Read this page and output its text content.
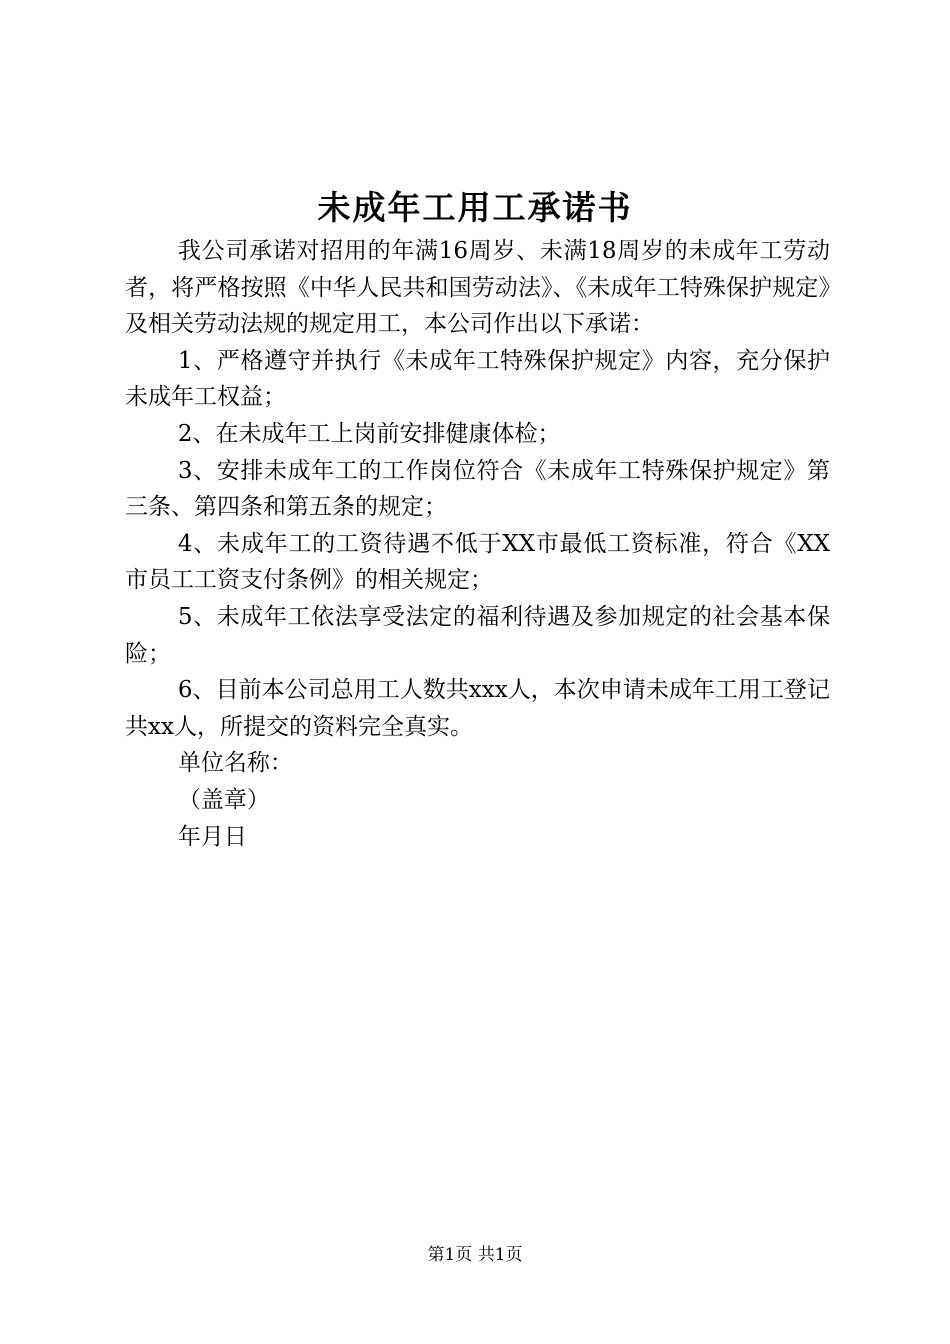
未成年工用工承诺书

我公司承诺对招用的年满16周岁、未满18周岁的未成年工劳动者，将严格按照《中华人民共和国劳动法》、《未成年工特殊保护规定》及相关劳动法规的规定用工，本公司作出以下承诺：

1、严格遵守并执行《未成年工特殊保护规定》内容，充分保护未成年工权益；

2、在未成年工上岗前安排健康体检；

3、安排未成年工的工作岗位符合《未成年工特殊保护规定》第三条、第四条和第五条的规定；

4、未成年工的工资待遇不低于XX市最低工资标准，符合《XX市员工工资支付条例》的相关规定；

5、未成年工依法享受法定的福利待遇及参加规定的社会基本保险；

6、目前本公司总用工人数共xxx人，本次申请未成年工用工登记共xx人，所提交的资料完全真实。

单位名称：

（盖章）

年月日

第1页 共1页
